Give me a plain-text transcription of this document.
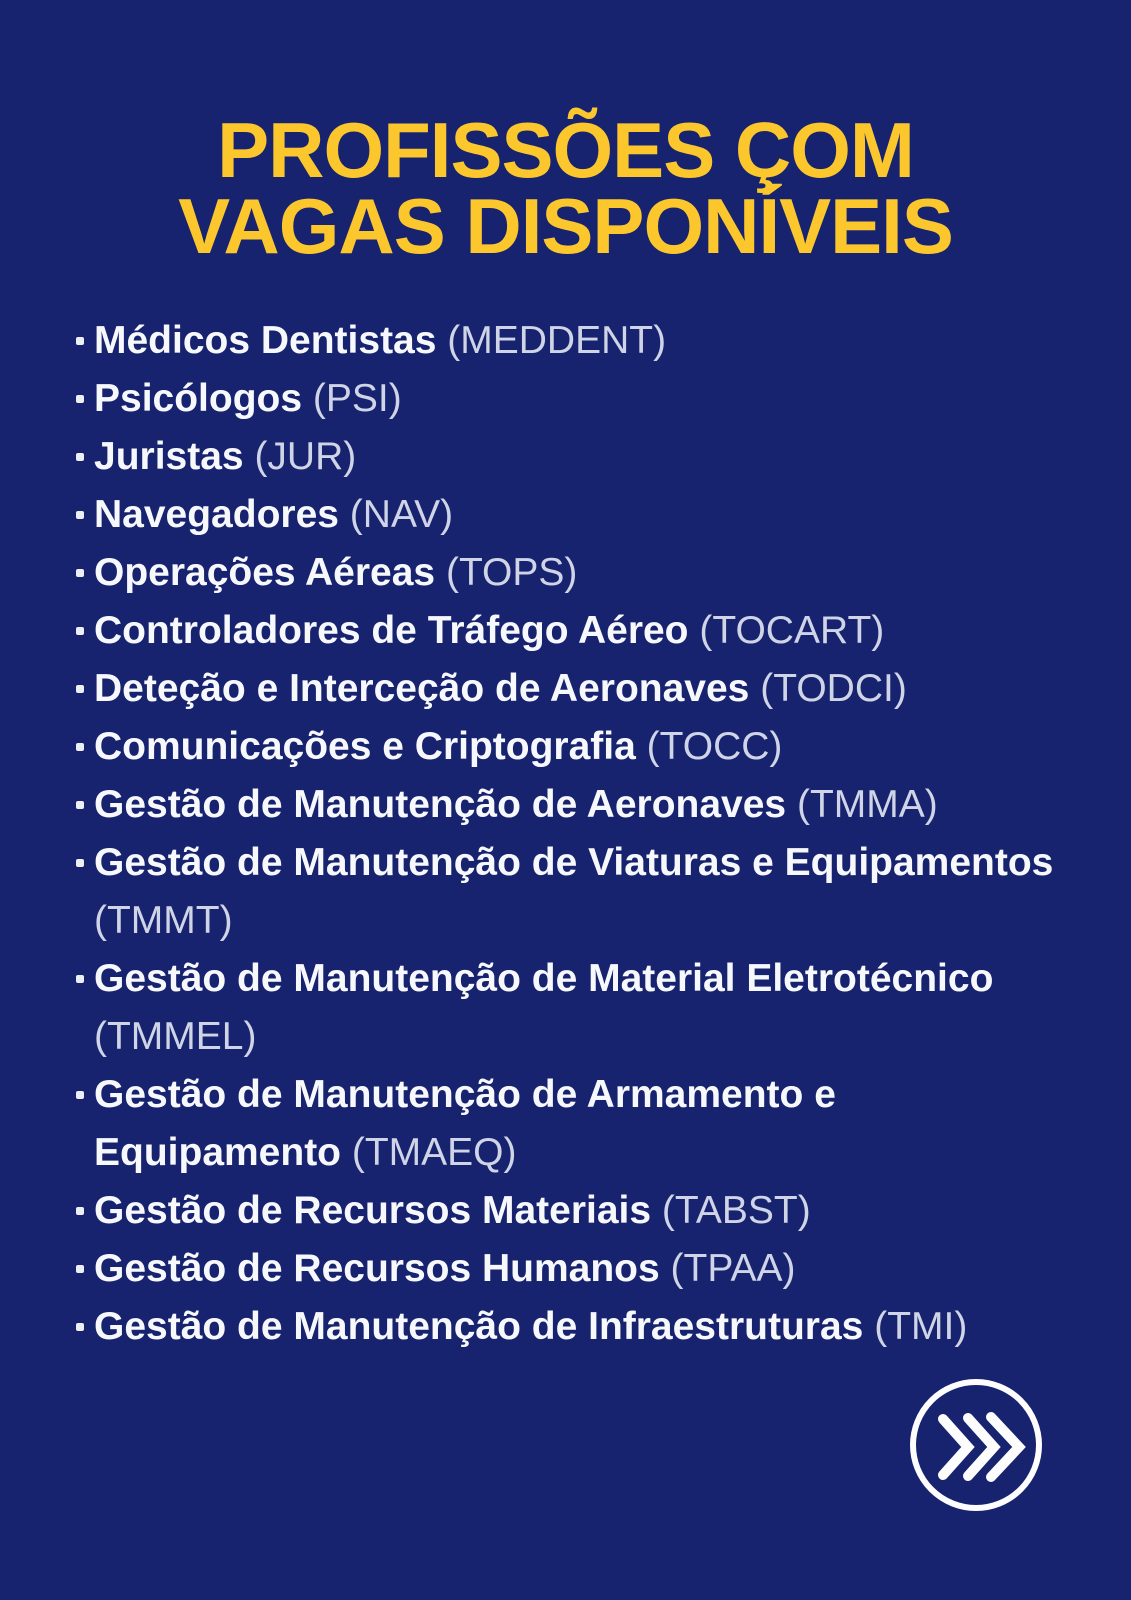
PROFISSÕES ÇOM
VAGAS DISPONÍVEIS
Médicos Dentistas (MEDDENT)
Psicólogos (PSI)
Juristas (JUR)
Navegadores (NAV)
Operações Aéreas (TOPS)
Controladores de Tráfego Aéreo (TOCART)
Deteção e Interceção de Aeronaves (TODCI)
Comunicações e Criptografia (TOCC)
Gestão de Manutenção de Aeronaves (TMMA)
Gestão de Manutenção de Viaturas e Equipamentos (TMMT)
Gestão de Manutenção de Material Eletrotécnico (TMMEL)
Gestão de Manutenção de Armamento e Equipamento (TMAEQ)
Gestão de Recursos Materiais (TABST)
Gestão de Recursos Humanos (TPAA)
Gestão de Manutenção de Infraestruturas (TMI)
